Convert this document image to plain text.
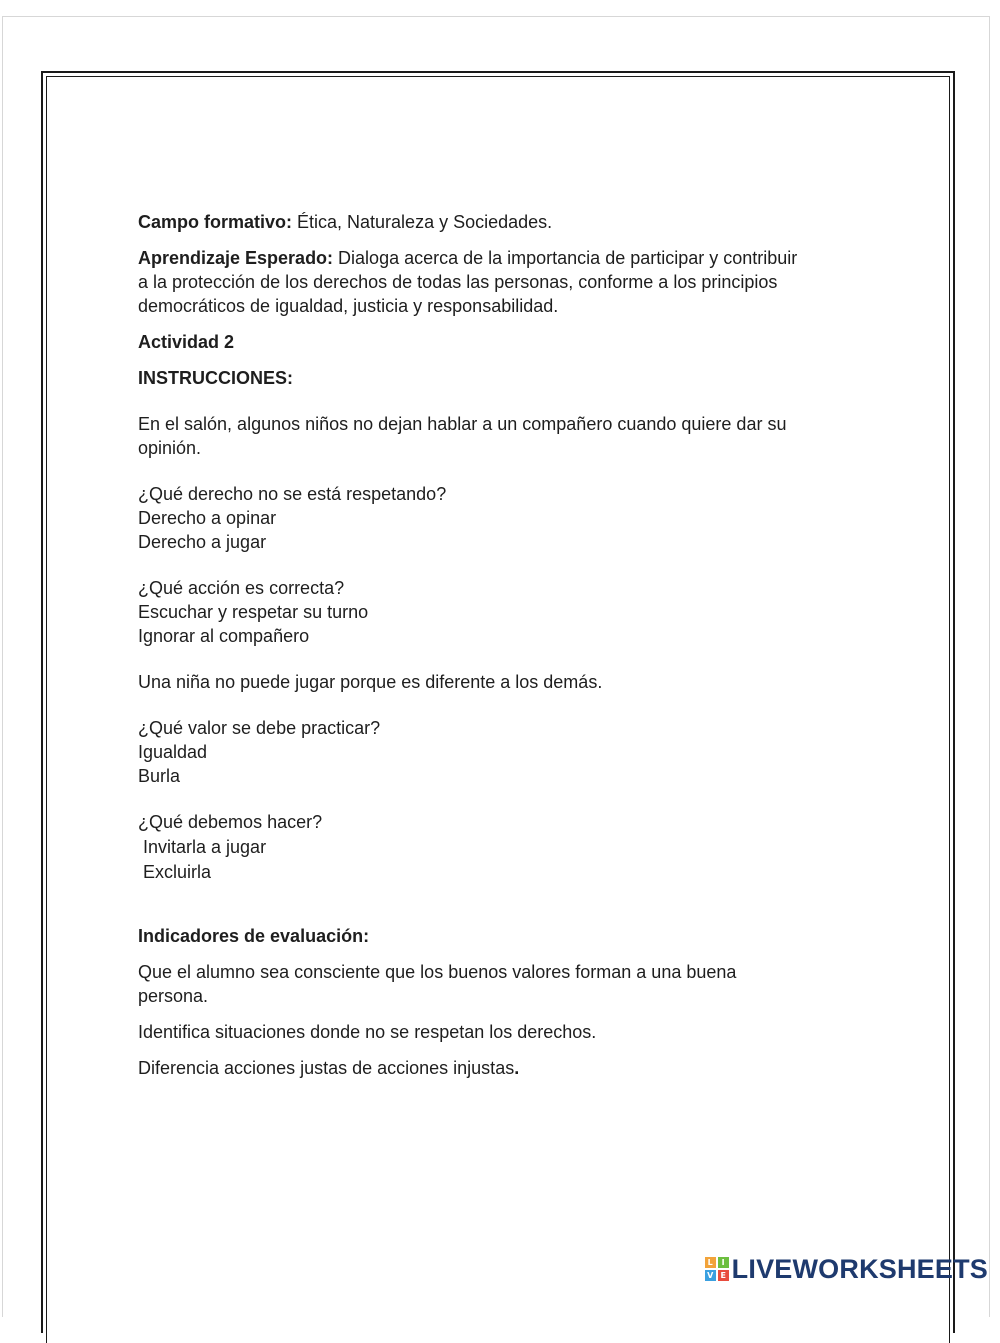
Campo formativo: Ética, Naturaleza y Sociedades.

Aprendizaje Esperado: Dialoga acerca de la importancia de participar y contribuir

a la protección de los derechos de todas las personas, conforme a los principios

democráticos de igualdad, justicia y responsabilidad.

Actividad 2

INSTRUCCIONES:

En el salón, algunos niños no dejan hablar a un compañero cuando quiere dar su

opinión.

¿Qué derecho no se está respetando?

Derecho a opinar

Derecho a jugar

¿Qué acción es correcta?

Escuchar y respetar su turno

Ignorar al compañero

Una niña no puede jugar porque es diferente a los demás.

¿Qué valor se debe practicar?

Igualdad

Burla

¿Qué debemos hacer?

Invitarla a jugar

Excluirla

Indicadores de evaluación:

Que el alumno sea consciente que los buenos valores forman a una buena

persona.

Identifica situaciones donde no se respetan los derechos.

Diferencia acciones justas de acciones injustas.

L	I
V E LIVEWORKSHEETS
